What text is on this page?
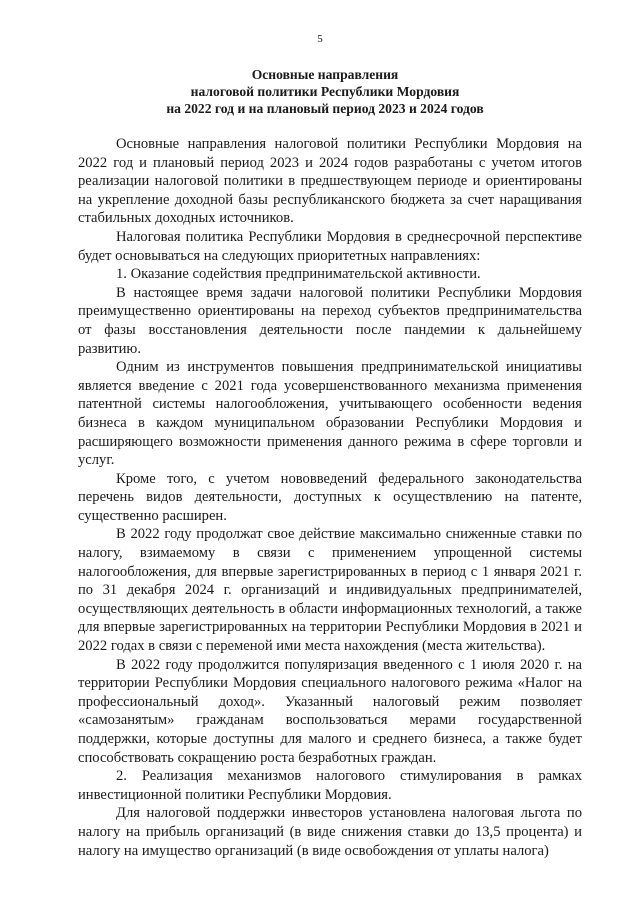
5
Основные направления
налоговой политики Республики Мордовия
на 2022 год и на плановый период 2023 и 2024 годов

Основные направления налоговой политики Республики Мордовия на 2022 год и плановый период 2023 и 2024 годов разработаны с учетом итогов реализации налоговой политики в предшествующем периоде и ориентированы на укрепление доходной базы республиканского бюджета за счет наращивания стабильных доходных источников.

Налоговая политика Республики Мордовия в среднесрочной перспективе будет основываться на следующих приоритетных направлениях:

1. Оказание содействия предпринимательской активности.

В настоящее время задачи налоговой политики Республики Мордовия преимущественно ориентированы на переход субъектов предпринимательства от фазы восстановления деятельности после пандемии к дальнейшему развитию.

Одним из инструментов повышения предпринимательской инициативы является введение с 2021 года усовершенствованного механизма применения патентной системы налогообложения, учитывающего особенности ведения бизнеса в каждом муниципальном образовании Республики Мордовия и расширяющего возможности применения данного режима в сфере торговли и услуг.

Кроме того, с учетом нововведений федерального законодательства перечень видов деятельности, доступных к осуществлению на патенте, существенно расширен.

В 2022 году продолжат свое действие максимально сниженные ставки по налогу, взимаемому в связи с применением упрощенной системы налогообложения, для впервые зарегистрированных в период с 1 января 2021 г. по 31 декабря 2024 г. организаций и индивидуальных предпринимателей, осуществляющих деятельность в области информационных технологий, а также для впервые зарегистрированных на территории Республики Мордовия в 2021 и 2022 годах в связи с переменой ими места нахождения (места жительства).

В 2022 году продолжится популяризация введенного с 1 июля 2020 г. на территории Республики Мордовия специального налогового режима «Налог на профессиональный доход». Указанный налоговый режим позволяет «самозанятым» гражданам воспользоваться мерами государственной поддержки, которые доступны для малого и среднего бизнеса, а также будет способствовать сокращению роста безработных граждан.

2. Реализация механизмов налогового стимулирования в рамках инвестиционной политики Республики Мордовия.

Для налоговой поддержки инвесторов установлена налоговая льгота по налогу на прибыль организаций (в виде снижения ставки до 13,5 процента) и налогу на имущество организаций (в виде освобождения от уплаты налога)
